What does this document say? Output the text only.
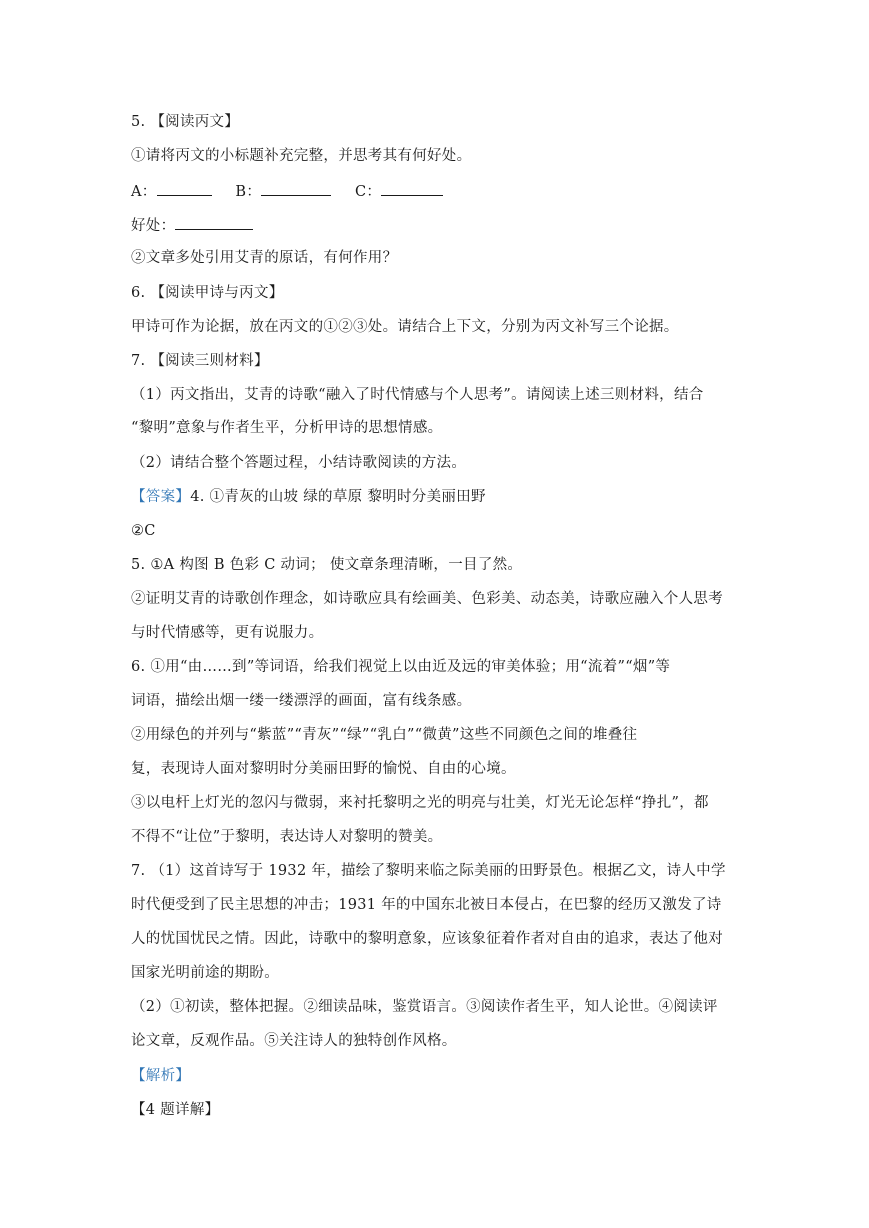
5. 【阅读丙文】
①请将丙文的小标题补充完整，并思考其有何好处。
A：	B：	C：
好处：
②文章多处引用艾青的原话，有何作用？
6. 【阅读甲诗与丙文】
甲诗可作为论据，放在丙文的①②③处。请结合上下文，分别为丙文补写三个论据。
7. 【阅读三则材料】
（1）丙文指出，艾青的诗歌“融入了时代情感与个人思考”。请阅读上述三则材料，结合
“黎明”意象与作者生平，分析甲诗的思想情感。
（2）请结合整个答题过程，小结诗歌阅读的方法。
【答案】4. ①青灰的山坡 绿的草原 黎明时分美丽田野
②C
5. ①A 构图 B 色彩 C 动词； 使文章条理清晰，一目了然。
②证明艾青的诗歌创作理念，如诗歌应具有绘画美、色彩美、动态美，诗歌应融入个人思考
与时代情感等，更有说服力。
6. ①用“由……到”等词语，给我们视觉上以由近及远的审美体验；用“流着”“烟”等
词语，描绘出烟一缕一缕漂浮的画面，富有线条感。
②用绿色的并列与“紫蓝”“青灰”“绿”“乳白”“微黄”这些不同颜色之间的堆叠往
复，表现诗人面对黎明时分美丽田野的愉悦、自由的心境。
③以电杆上灯光的忽闪与微弱，来衬托黎明之光的明亮与壮美，灯光无论怎样“挣扎”，都
不得不“让位”于黎明，表达诗人对黎明的赞美。
7. （1）这首诗写于 1932 年，描绘了黎明来临之际美丽的田野景色。根据乙文，诗人中学
时代便受到了民主思想的冲击；1931 年的中国东北被日本侵占，在巴黎的经历又激发了诗
人的忧国忧民之情。因此，诗歌中的黎明意象，应该象征着作者对自由的追求，表达了他对
国家光明前途的期盼。
（2）①初读，整体把握。②细读品味，鉴赏语言。③阅读作者生平，知人论世。④阅读评
论文章，反观作品。⑤关注诗人的独特创作风格。
【解析】
【4 题详解】
